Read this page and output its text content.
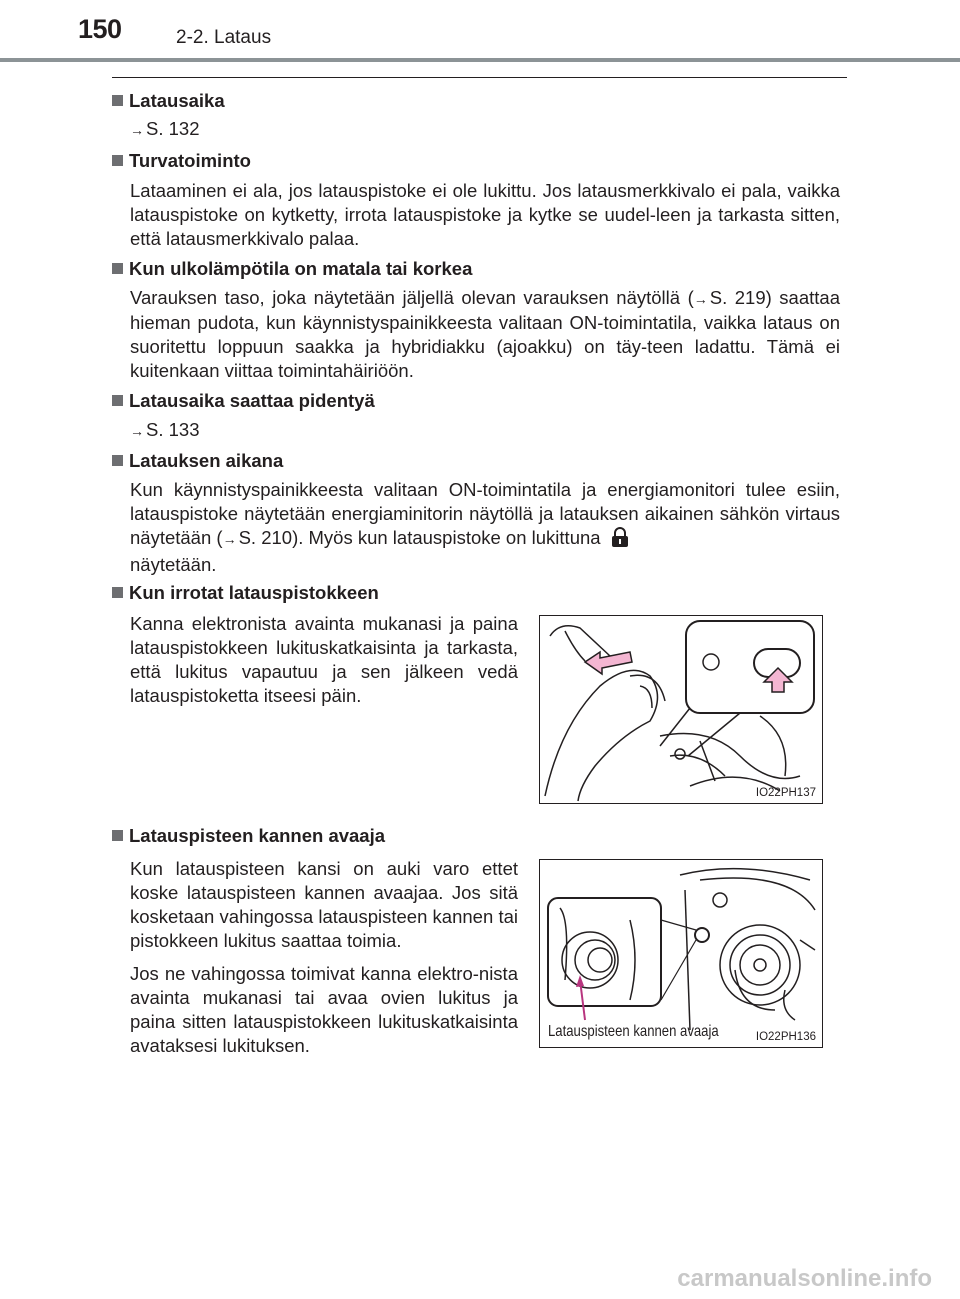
150	2-2. Lataus
Latausaika
→ S. 132
Turvatoiminto
Lataaminen ei ala, jos latauspistoke ei ole lukittu. Jos latausmerkkivalo ei pala, vaikka latauspistoke on kytketty, irrota latauspistoke ja kytke se uudel-leen ja tarkasta sitten, että latausmerkkivalo palaa.
Kun ulkolämpötila on matala tai korkea
Varauksen taso, joka näytetään jäljellä olevan varauksen näytöllä (→ S. 219) saattaa hieman pudota, kun käynnistyspainikkeesta valitaan ON-toimintatila, vaikka lataus on suoritettu loppuun saakka ja hybridiakku (ajoakku) on täy-teen ladattu. Tämä ei kuitenkaan viittaa toimintahäiriöön.
Latausaika saattaa pidentyä
→ S. 133
Latauksen aikana
Kun käynnistyspainikkeesta valitaan ON-toimintatila ja energiamonitori tulee esiin, latauspistoke näytetään energiaminitorin näytöllä ja latauksen aikainen sähkön virtaus näytetään (→ S. 210). Myös kun latauspistoke on lukittuna
näytetään.
Kun irrotat latauspistokkeen
Kanna elektronista avainta mukanasi ja paina latauspistokkeen lukituskatkaisinta ja tarkasta, että lukitus vapautuu ja sen jälkeen vedä latauspistoketta itseesi päin.
IO22PH137
Latauspisteen kannen avaaja
Kun latauspisteen kansi on auki varo ettet koske latauspisteen kannen avaajaa. Jos sitä kosketaan vahingossa latauspisteen kannen tai pistokkeen lukitus saattaa toimia.
Jos ne vahingossa toimivat kanna elektro-nista avainta mukanasi tai avaa ovien lukitus ja paina sitten latauspistokkeen lukituskatkaisinta avataksesi lukituksen.
Latauspisteen kannen avaaja	IO22PH136
carmanualsonline.info
